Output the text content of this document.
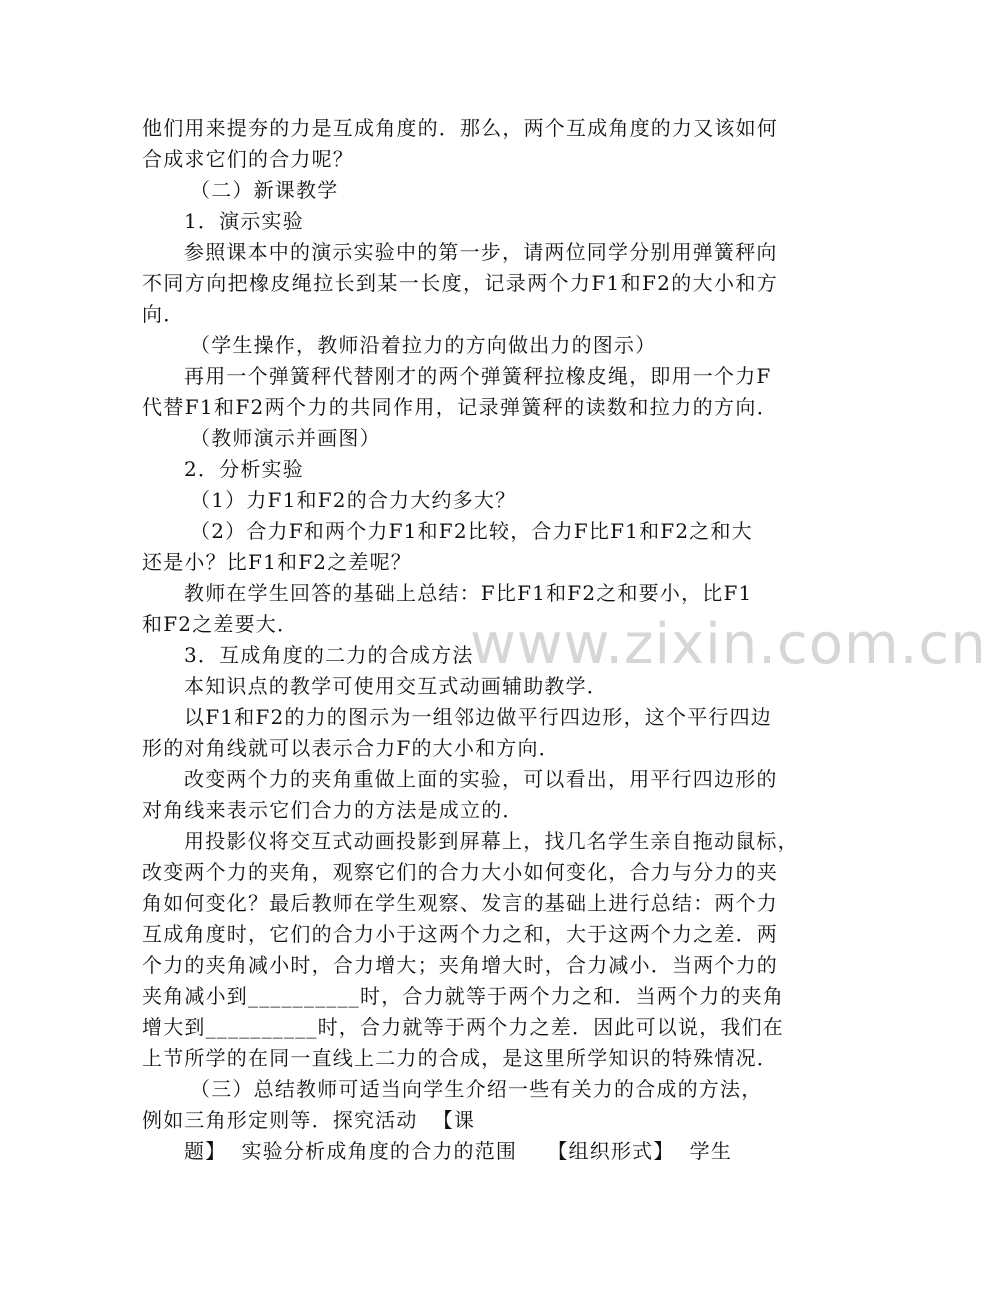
www.zixin.com.cn
他们用来提夯的力是互成角度的．那么，两个互成角度的力又该如何
合成求它们的合力呢？
（二）新课教学
1．演示实验
参照课本中的演示实验中的第一步，请两位同学分别用弹簧秤向
不同方向把橡皮绳拉长到某一长度，记录两个力F1和F2的大小和方
向．
（学生操作，教师沿着拉力的方向做出力的图示）
再用一个弹簧秤代替刚才的两个弹簧秤拉橡皮绳，即用一个力F
代替F1和F2两个力的共同作用，记录弹簧秤的读数和拉力的方向．
（教师演示并画图）
2．分析实验
（1）力F1和F2的合力大约多大？
（2）合力F和两个力F1和F2比较，合力F比F1和F2之和大
还是小？比F1和F2之差呢？
教师在学生回答的基础上总结：F比F1和F2之和要小，比F1
和F2之差要大．
3．互成角度的二力的合成方法
本知识点的教学可使用交互式动画辅助教学．
以F1和F2的力的图示为一组邻边做平行四边形，这个平行四边
形的对角线就可以表示合力F的大小和方向．
改变两个力的夹角重做上面的实验，可以看出，用平行四边形的
对角线来表示它们合力的方法是成立的．
用投影仪将交互式动画投影到屏幕上，找几名学生亲自拖动鼠标，
改变两个力的夹角，观察它们的合力大小如何变化，合力与分力的夹
角如何变化？最后教师在学生观察、发言的基础上进行总结：两个力
互成角度时，它们的合力小于这两个力之和，大于这两个力之差．两
个力的夹角减小时，合力增大；夹角增大时，合力减小．当两个力的
夹角减小到__________时，合力就等于两个力之和．当两个力的夹角
增大到__________时，合力就等于两个力之差．因此可以说，我们在
上节所学的在同一直线上二力的合成，是这里所学知识的特殊情况．
（三）总结教师可适当向学生介绍一些有关力的合成的方法，
例如三角形定则等．探究活动  【课
题】  实验分析成角度的合力的范围    【组织形式】  学生
